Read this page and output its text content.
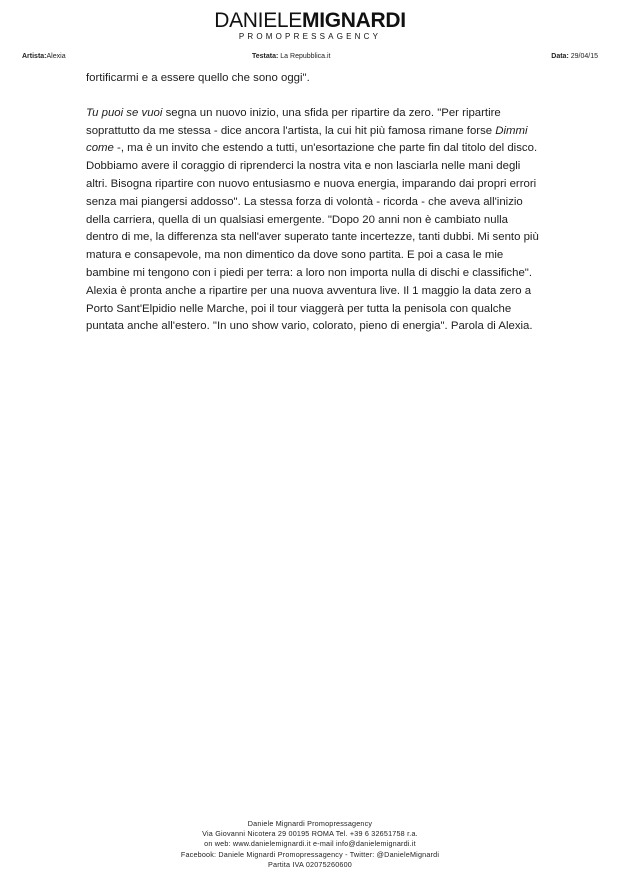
DANIELEMIGNARDI
PROMOPRESSAGENCY
Artista:Alexia	Testata: La Repubblica.it	Data: 29/04/15

fortificarmi e a essere quello che sono oggi".

Tu puoi se vuoi segna un nuovo inizio, una sfida per ripartire da zero. "Per ripartire soprattutto da me stessa - dice ancora l'artista, la cui hit più famosa rimane forse Dimmi come -, ma è un invito che estendo a tutti, un'esortazione che parte fin dal titolo del disco. Dobbiamo avere il coraggio di riprenderci la nostra vita e non lasciarla nelle mani degli altri. Bisogna ripartire con nuovo entusiasmo e nuova energia, imparando dai propri errori senza mai piangersi addosso". La stessa forza di volontà - ricorda - che aveva all'inizio della carriera, quella di un qualsiasi emergente. "Dopo 20 anni non è cambiato nulla dentro di me, la differenza sta nell'aver superato tante incertezze, tanti dubbi. Mi sento più matura e consapevole, ma non dimentico da dove sono partita. E poi a casa le mie bambine mi tengono con i piedi per terra: a loro non importa nulla di dischi e classifiche". Alexia è pronta anche a ripartire per una nuova avventura live. Il 1 maggio la data zero a Porto Sant'Elpidio nelle Marche, poi il tour viaggerà per tutta la penisola con qualche puntata anche all'estero. "In uno show vario, colorato, pieno di energia". Parola di Alexia.

Daniele Mignardi Promopressagency
Via Giovanni Nicotera 29 00195 ROMA Tel. +39 6 32651758 r.a.
on web: www.danielemignardi.it e-mail info@danielemignardi.it
Facebook: Daniele Mignardi Promopressagency - Twitter: @DanieleMignardi
Partita IVA 02075260600
